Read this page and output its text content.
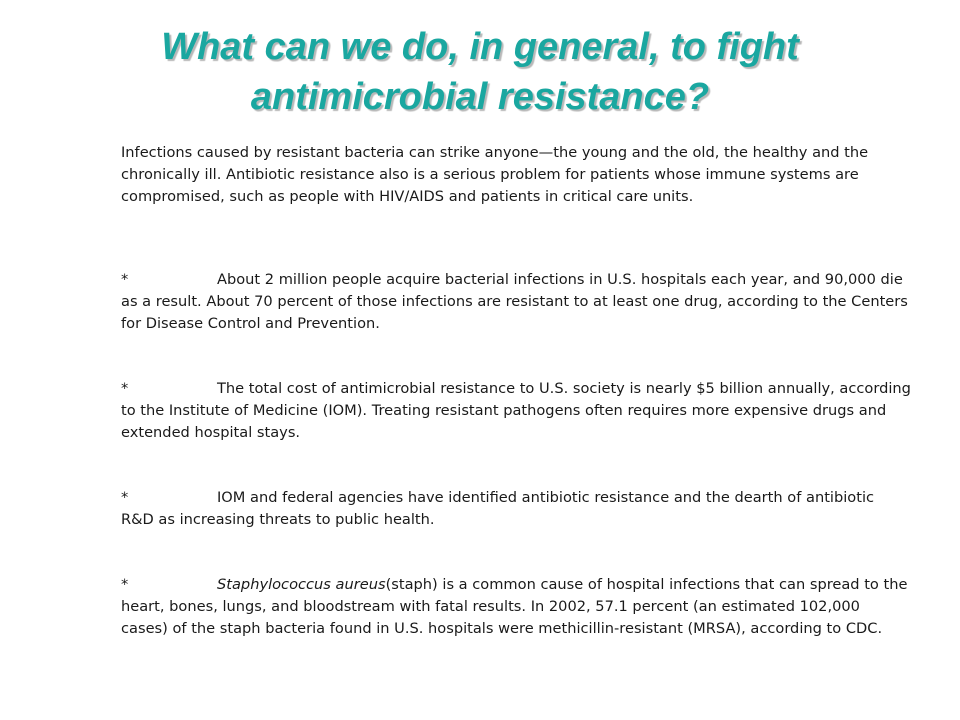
What can we do, in general, to fight antimicrobial resistance?

Infections caused by resistant bacteria can strike anyone—the young and the old, the healthy and the chronically ill. Antibiotic resistance also is a serious problem for patients whose immune systems are compromised, such as people with HIV/AIDS and patients in critical care units.

*	About 2 million people acquire bacterial infections in U.S. hospitals each year, and 90,000 die as a result. About 70 percent of those infections are resistant to at least one drug, according to the Centers for Disease Control and Prevention.

*	The total cost of antimicrobial resistance to U.S. society is nearly $5 billion annually, according to the Institute of Medicine (IOM). Treating resistant pathogens often requires more expensive drugs and extended hospital stays.

*	IOM and federal agencies have identified antibiotic resistance and the dearth of antibiotic R&D as increasing threats to public health.

*	Staphylococcus aureus(staph) is a common cause of hospital infections that can spread to the heart, bones, lungs, and bloodstream with fatal results. In 2002, 57.1 percent (an estimated 102,000 cases) of the staph bacteria found in U.S. hospitals were methicillin-resistant (MRSA), according to CDC.
